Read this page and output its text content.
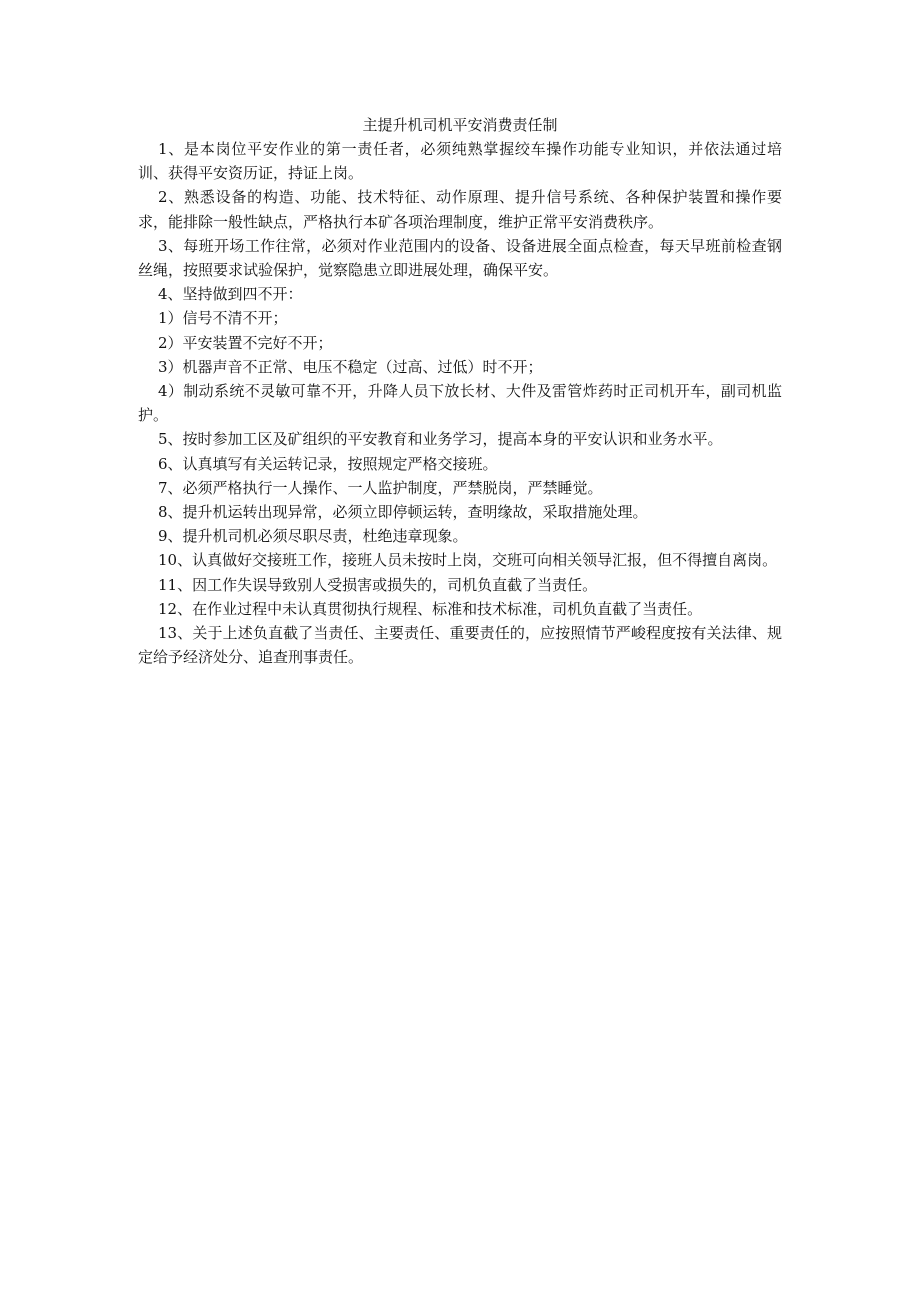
主提升机司机平安消费责任制

1、是本岗位平安作业的第一责任者，必须纯熟掌握绞车操作功能专业知识，并依法通过培训、获得平安资历证，持证上岗。

2、熟悉设备的构造、功能、技术特征、动作原理、提升信号系统、各种保护装置和操作要求，能排除一般性缺点，严格执行本矿各项治理制度，维护正常平安消费秩序。

3、每班开场工作往常，必须对作业范围内的设备、设备进展全面点检查，每天早班前检查钢丝绳，按照要求试验保护，觉察隐患立即进展处理，确保平安。

4、坚持做到四不开：

1）信号不清不开；

2）平安装置不完好不开；

3）机器声音不正常、电压不稳定（过高、过低）时不开；

4）制动系统不灵敏可靠不开，升降人员下放长材、大件及雷管炸药时正司机开车，副司机监护。

5、按时参加工区及矿组织的平安教育和业务学习，提高本身的平安认识和业务水平。

6、认真填写有关运转记录，按照规定严格交接班。

7、必须严格执行一人操作、一人监护制度，严禁脱岗，严禁睡觉。

8、提升机运转出现异常，必须立即停顿运转，查明缘故，采取措施处理。

9、提升机司机必须尽职尽责，杜绝违章现象。

10、认真做好交接班工作，接班人员未按时上岗，交班可向相关领导汇报，但不得擅自离岗。

11、因工作失误导致别人受损害或损失的，司机负直截了当责任。

12、在作业过程中未认真贯彻执行规程、标准和技术标准，司机负直截了当责任。

13、关于上述负直截了当责任、主要责任、重要责任的，应按照情节严峻程度按有关法律、规定给予经济处分、追查刑事责任。
